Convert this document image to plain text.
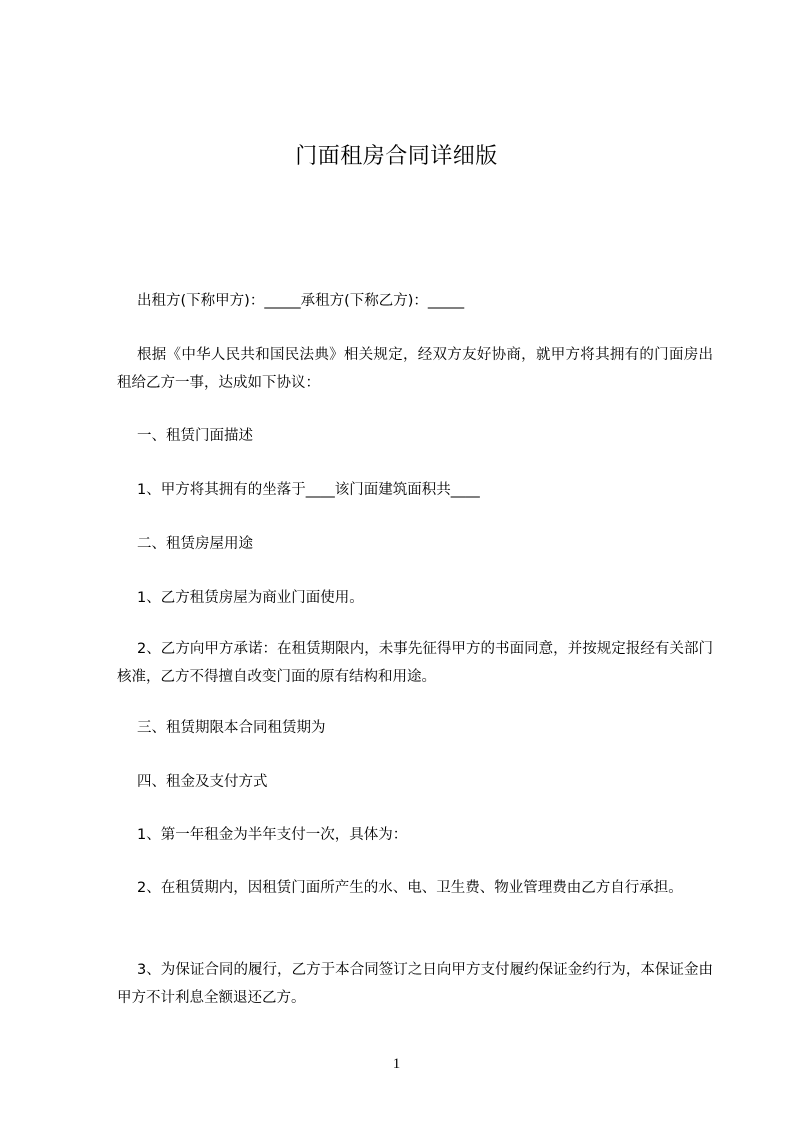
门面租房合同详细版

出租方(下称甲方)：_____承租方(下称乙方)：_____

根据《中华人民共和国民法典》相关规定，经双方友好协商，就甲方将其拥有的门面房出租给乙方一事，达成如下协议：

一、租赁门面描述

1、甲方将其拥有的坐落于____该门面建筑面积共____

二、租赁房屋用途

1、乙方租赁房屋为商业门面使用。

2、乙方向甲方承诺：在租赁期限内，未事先征得甲方的书面同意，并按规定报经有关部门核准，乙方不得擅自改变门面的原有结构和用途。

三、租赁期限本合同租赁期为

四、租金及支付方式

1、第一年租金为半年支付一次，具体为：

2、在租赁期内，因租赁门面所产生的水、电、卫生费、物业管理费由乙方自行承担。

3、为保证合同的履行，乙方于本合同签订之日向甲方支付履约保证金约行为，本保证金由甲方不计利息全额退还乙方。

1
